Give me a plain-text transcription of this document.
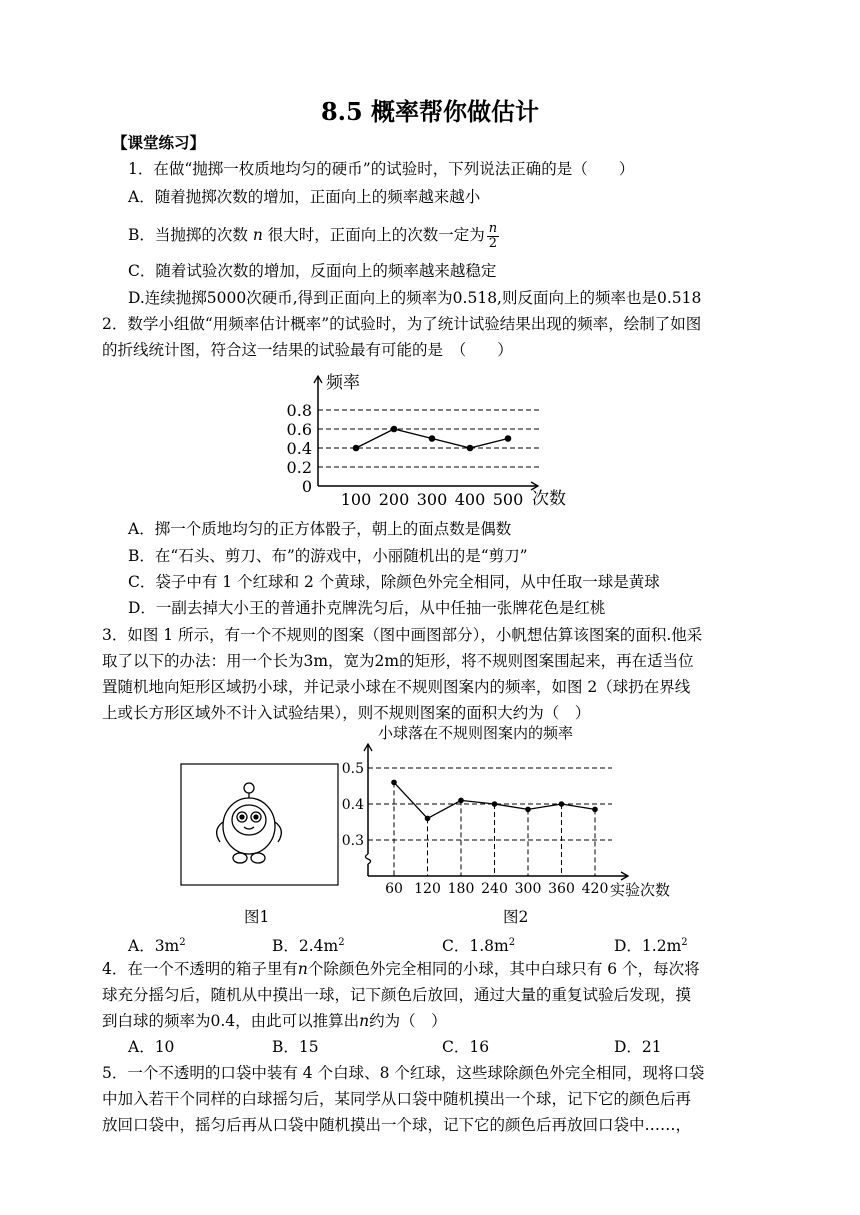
8.5 概率帮你做估计
【课堂练习】
1．在做“抛掷一枚质地均匀的硬币”的试验时，下列说法正确的是（　　）
A．随着抛掷次数的增加，正面向上的频率越来越小
B．当抛掷的次数 n 很大时，正面向上的次数一定为 $\frac{n}{2}$
C．随着试验次数的增加，反面向上的频率越来越稳定
D.连续抛掷5000次硬币,得到正面向上的频率为0.518,则反面向上的频率也是0.518
2．数学小组做“用频率估计概率”的试验时，为了统计试验结果出现的频率，绘制了如图
的折线统计图，符合这一结果的试验最有可能的是　（　　）
0
0.2
0.4
0.6
0.8
100 200 300 400 500
频率
次数
A．掷一个质地均匀的正方体骰子，朝上的面点数是偶数
B．在“石头、剪刀、布”的游戏中，小丽随机出的是“剪刀”
C．袋子中有 1 个红球和 2 个黄球，除颜色外完全相同，从中任取一球是黄球
D．一副去掉大小王的普通扑克牌洗匀后，从中任抽一张牌花色是红桃
3．如图 1 所示，有一个不规则的图案（图中画图部分），小帆想估算该图案的面积.他采
取了以下的办法：用一个长为3m，宽为2m的矩形，将不规则图案围起来，再在适当位
置随机地向矩形区域扔小球，并记录小球在不规则图案内的频率，如图 2（球扔在界线
上或长方形区域外不计入试验结果），则不规则图案的面积大约为（　）
0.3
0.4
0.5
60 120 180 240 300 360 420
小球落在不规则图案内的频率
实验次数
图1	图2
A．$3m^2$	B．$2.4m^2$	C．$1.8m^2$	D．$1.2m^2$
4．在一个不透明的箱子里有n个除颜色外完全相同的小球，其中白球只有 6 个，每次将
球充分摇匀后，随机从中摸出一球，记下颜色后放回，通过大量的重复试验后发现，摸
到白球的频率为0.4，由此可以推算出n约为（　）
A．10	B．15	C．16	D．21
5．一个不透明的口袋中装有 4 个白球、8 个红球，这些球除颜色外完全相同，现将口袋
中加入若干个同样的白球摇匀后，某同学从口袋中随机摸出一个球，记下它的颜色后再
放回口袋中，摇匀后再从口袋中随机摸出一个球，记下它的颜色后再放回口袋中……，
